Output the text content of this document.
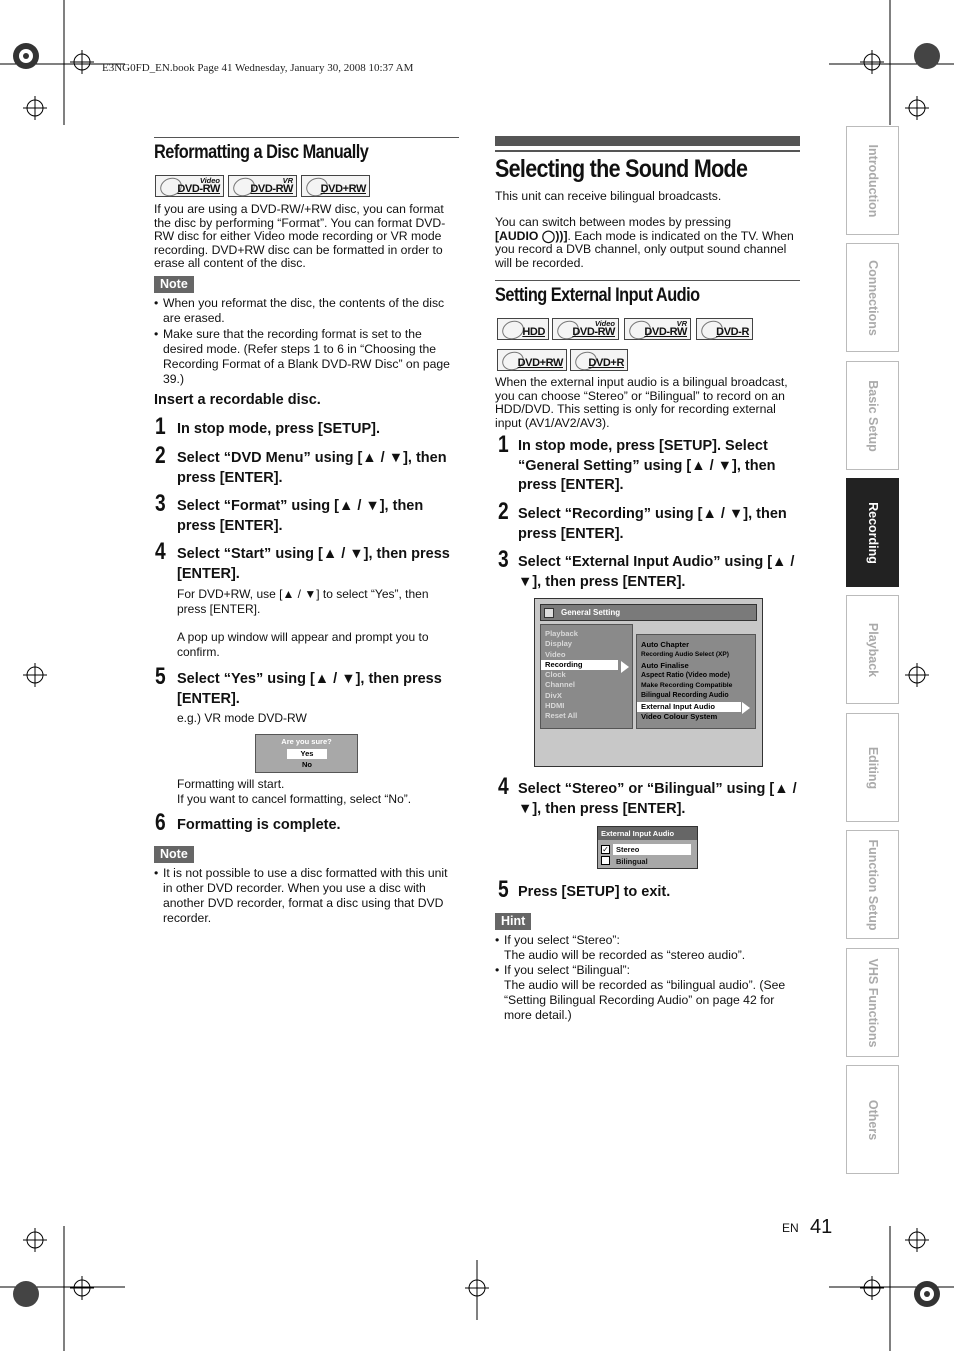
E3NG0FD_EN.book Page 41 Wednesday, January 30, 2008 10:37 AM
Reformatting a Disc Manually
Video
DVD-RW
VR
DVD-RW	DVD+RW
If you are using a DVD-RW/+RW disc, you can format the disc by performing “Format”. You can format DVD-RW disc for either Video mode recording or VR mode recording. DVD+RW disc can be formatted in order to erase all content of the disc.
Note
• When you reformat the disc, the contents of the disc are erased.
• Make sure that the recording format is set to the desired mode. (Refer steps 1 to 6 in “Choosing the Recording Format of a Blank DVD-RW Disc” on page 39.)
Insert a recordable disc.
1 In stop mode, press [SETUP].
2 Select “DVD Menu” using [▲ / ▼], then press [ENTER].
3 Select “Format” using [▲ / ▼], then press [ENTER].
4 Select “Start” using [▲ / ▼], then press [ENTER].
For DVD+RW, use [▲ / ▼] to select “Yes”, then press [ENTER].
A pop up window will appear and prompt you to confirm.
5 Select “Yes” using [▲ / ▼], then press [ENTER].
e.g.) VR mode DVD-RW
Are you sure?
Yes
No
Formatting will start.
If you want to cancel formatting, select “No”.
6 Formatting is complete.
Note
• It is not possible to use a disc formatted with this unit in other DVD recorder. When you use a disc with another DVD recorder, format a disc using that DVD recorder.
Selecting the Sound Mode
This unit can receive bilingual broadcasts.
You can switch between modes by pressing
[AUDIO ◯))]. Each mode is indicated on the TV. When you record a DVB channel, only output sound channel will be recorded.
Setting External Input Audio
HDD
Video
DVD-RW
VR
DVD-RW	DVD-R
DVD+RW DVD+R
When the external input audio is a bilingual broadcast, you can choose “Stereo” or “Bilingual” to record on an HDD/DVD. This setting is only for recording external input (AV1/AV2/AV3).
1 In stop mode, press [SETUP]. Select “General Setting” using [▲ / ▼], then press [ENTER].
2 Select “Recording” using [▲ / ▼], then press [ENTER].
3 Select “External Input Audio” using [▲ / ▼], then press [ENTER].
General Setting
Playback
Display
Video
Recording
Clock
Channel
DivX
HDMI
Reset All
Auto Chapter
Recording Audio Select (XP)
Auto Finalise
Aspect Ratio (Video mode)
Make Recording Compatible
Bilingual Recording Audio
External Input Audio
Video Colour System
4 Select “Stereo” or “Bilingual” using [▲ / ▼], then press [ENTER].
External Input Audio
✓ Stereo
Bilingual
5 Press [SETUP] to exit.
Hint
• If you select “Stereo”:
The audio will be recorded as “stereo audio”.
• If you select “Bilingual”:
The audio will be recorded as “bilingual audio”. (See “Setting Bilingual Recording Audio” on page 42 for more detail.)
Introduction
Connections
Basic Setup
Recording
Playback
Editing
Function Setup
VHS Functions
Others
EN 41
